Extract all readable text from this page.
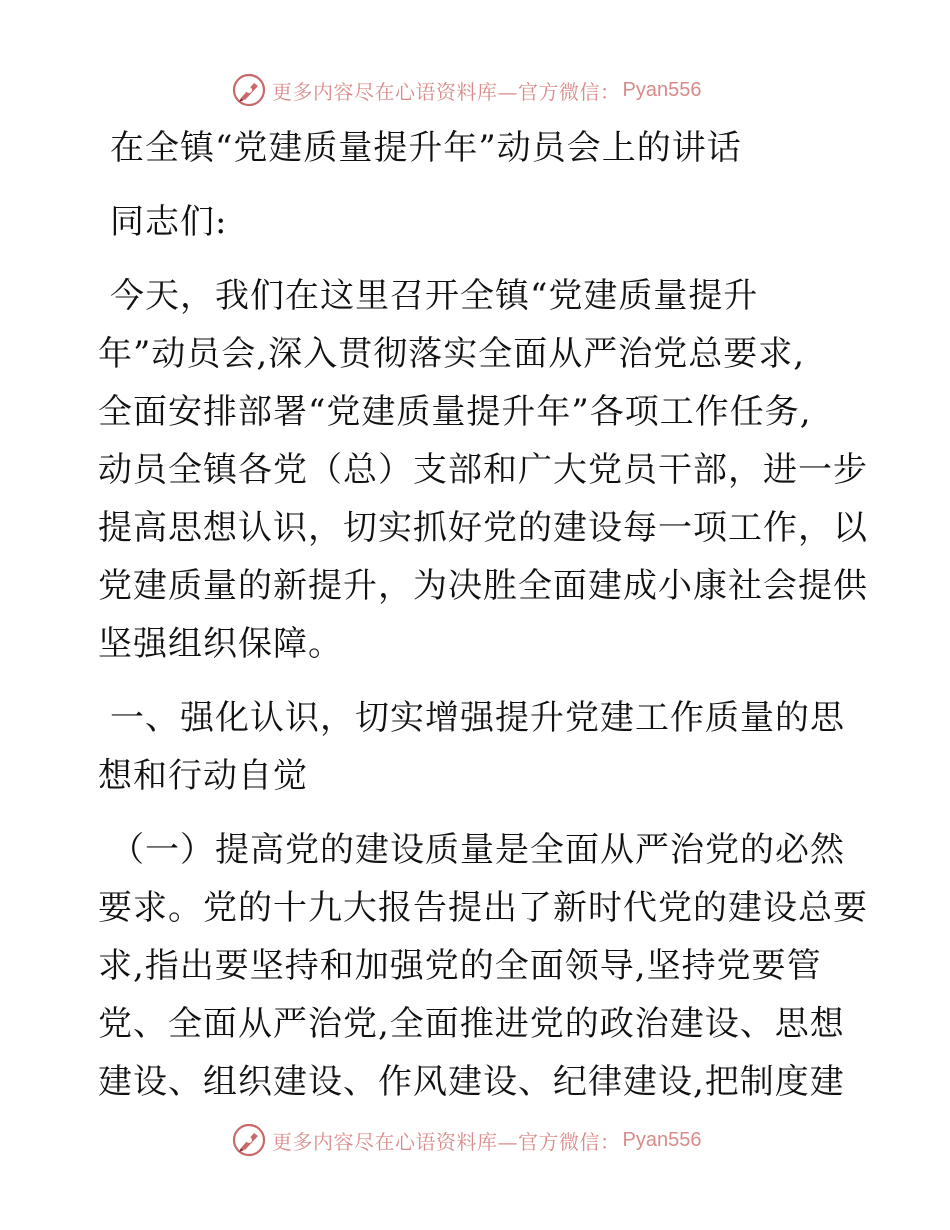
更多内容尽在心语资料库—官方微信： Pyan556
在全镇“党建质量提升年”动员会上的讲话
同志们:
今天，我们在这里召开全镇“党建质量提升
年”动员会,深入贯彻落实全面从严治党总要求,
全面安排部署“党建质量提升年”各项工作任务,
动员全镇各党（总）支部和广大党员干部，进一步
提高思想认识，切实抓好党的建设每一项工作，以
党建质量的新提升，为决胜全面建成小康社会提供
坚强组织保障。
一、强化认识，切实增强提升党建工作质量的思
想和行动自觉
（一）提高党的建设质量是全面从严治党的必然
要求。党的十九大报告提出了新时代党的建设总要
求,指出要坚持和加强党的全面领导,坚持党要管
党、全面从严治党,全面推进党的政治建设、思想
建设、组织建设、作风建设、纪律建设,把制度建
更多内容尽在心语资料库—官方微信： Pyan556
